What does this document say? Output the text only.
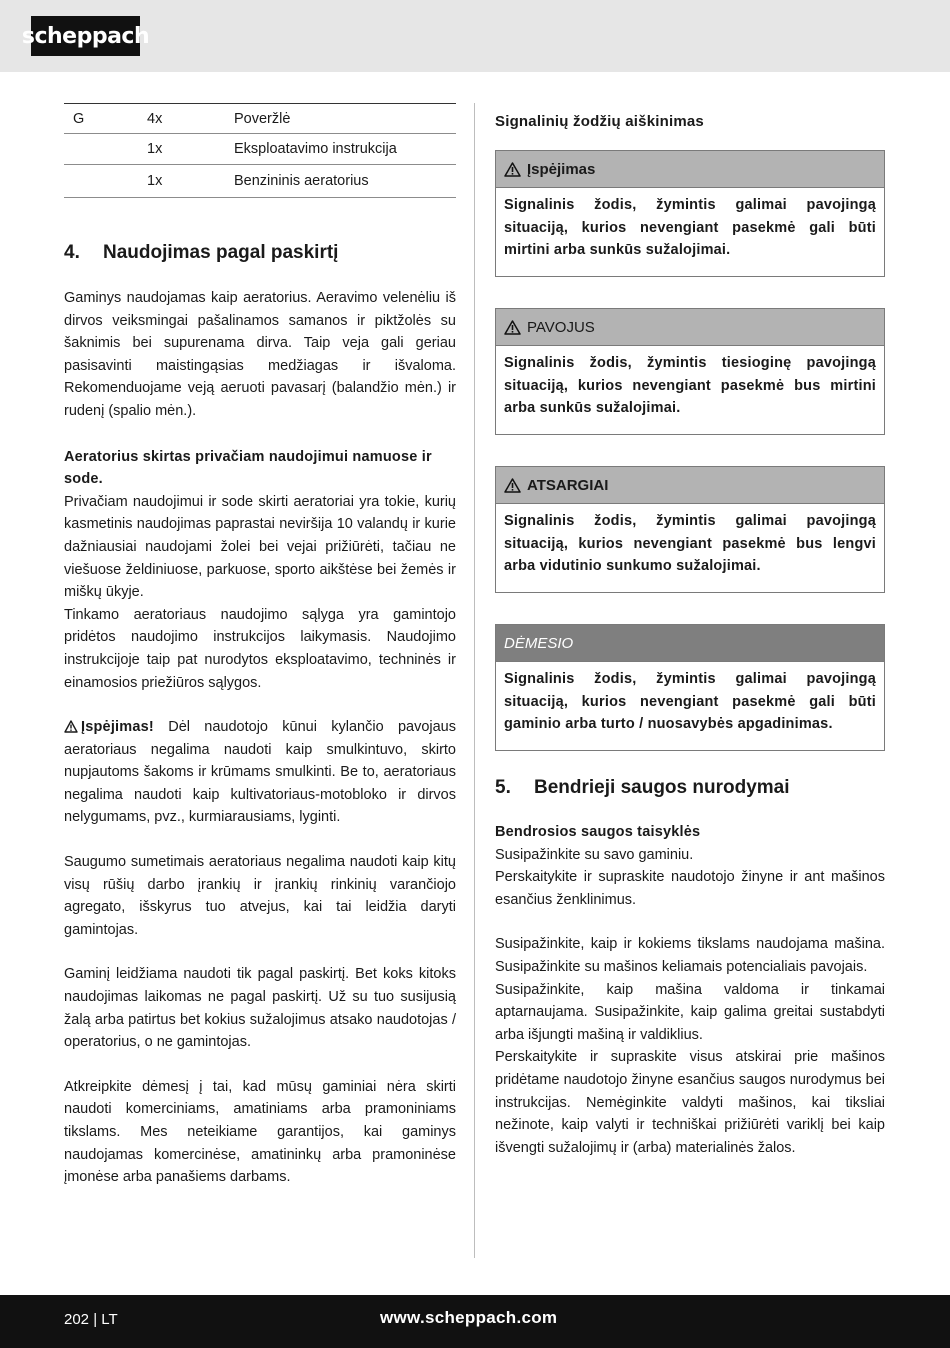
scheppach
G	4x	Poveržlė
	1x	Eksploatavimo instrukcija
	1x	Benzininis aeratorius
4. Naudojimas pagal paskirtį

Gaminys naudojamas kaip aeratorius. Aeravimo velenėliu iš dirvos veiksmingai pašalinamos samanos ir piktžolės su šaknimis bei supurenama dirva. Taip veja gali geriau pasisavinti maistingąsias medžiagas ir išvaloma. Rekomenduojame veją aeruoti pavasarį (balandžio mėn.) ir rudenį (spalio mėn.).

Aeratorius skirtas privačiam naudojimui namuose ir sode.

Privačiam naudojimui ir sode skirti aeratoriai yra tokie, kurių kasmetinis naudojimas paprastai neviršija 10 valandų ir kurie dažniausiai naudojami žolei bei vejai prižiūrėti, tačiau ne viešuose želdiniuose, parkuose, sporto aikštėse bei žemės ir miškų ūkyje.

Tinkamo aeratoriaus naudojimo sąlyga yra gamintojo pridėtos naudojimo instrukcijos laikymasis. Naudojimo instrukcijoje taip pat nurodytos eksploatavimo, techninės ir einamosios priežiūros sąlygos.

Įspėjimas! Dėl naudotojo kūnui kylančio pavojaus aeratoriaus negalima naudoti kaip smulkintuvo, skirto nupjautoms šakoms ir krūmams smulkinti. Be to, aeratoriaus negalima naudoti kaip kultivatoriaus-motobloko ir dirvos nelygumams, pvz., kurmiarausiams, lyginti.

Saugumo sumetimais aeratoriaus negalima naudoti kaip kitų visų rūšių darbo įrankių ir įrankių rinkinių varančiojo agregato, išskyrus tuo atvejus, kai tai leidžia daryti gamintojas.

Gaminį leidžiama naudoti tik pagal paskirtį. Bet koks kitoks naudojimas laikomas ne pagal paskirtį. Už su tuo susijusią žalą arba patirtus bet kokius sužalojimus atsako naudotojas / operatorius, o ne gamintojas.

Atkreipkite dėmesį į tai, kad mūsų gaminiai nėra skirti naudoti komerciniams, amatiniams arba pramoniniams tikslams. Mes neteikiame garantijos, kai gaminys naudojamas komercinėse, amatininkų arba pramoninėse įmonėse arba panašiems darbams.

Signalinių žodžių aiškinimas

Įspėjimas
Signalinis žodis, žymintis galimai pavojingą situaciją, kurios nevengiant pasekmė gali būti mirtini arba sunkūs sužalojimai.
PAVOJUS
Signalinis žodis, žymintis tiesioginę pavojingą situaciją, kurios nevengiant pasekmė bus mirtini arba sunkūs sužalojimai.
ATSARGIAI
Signalinis žodis, žymintis galimai pavojingą situaciją, kurios nevengiant pasekmė bus lengvi arba vidutinio sunkumo sužalojimai.
DĖMESIO
Signalinis žodis, žymintis galimai pavojingą situaciją, kurios nevengiant pasekmė gali būti gaminio arba turto / nuosavybės apgadinimas.
5. Bendrieji saugos nurodymai

Bendrosios saugos taisyklės

Susipažinkite su savo gaminiu.

Perskaitykite ir supraskite naudotojo žinyne ir ant mašinos esančius ženklinimus.

Susipažinkite, kaip ir kokiems tikslams naudojama mašina. Susipažinkite su mašinos keliamais potencialiais pavojais.

Susipažinkite, kaip mašina valdoma ir tinkamai aptarnaujama. Susipažinkite, kaip galima greitai sustabdyti arba išjungti mašiną ir valdiklius.

Perskaitykite ir supraskite visus atskirai prie mašinos pridėtame naudotojo žinyne esančius saugos nurodymus bei instrukcijas. Nemėginkite valdyti mašinos, kai tiksliai nežinote, kaip valyti ir techniškai prižiūrėti variklį bei kaip išvengti sužalojimų ir (arba) materialinės žalos.

202 | LT	www.scheppach.com
